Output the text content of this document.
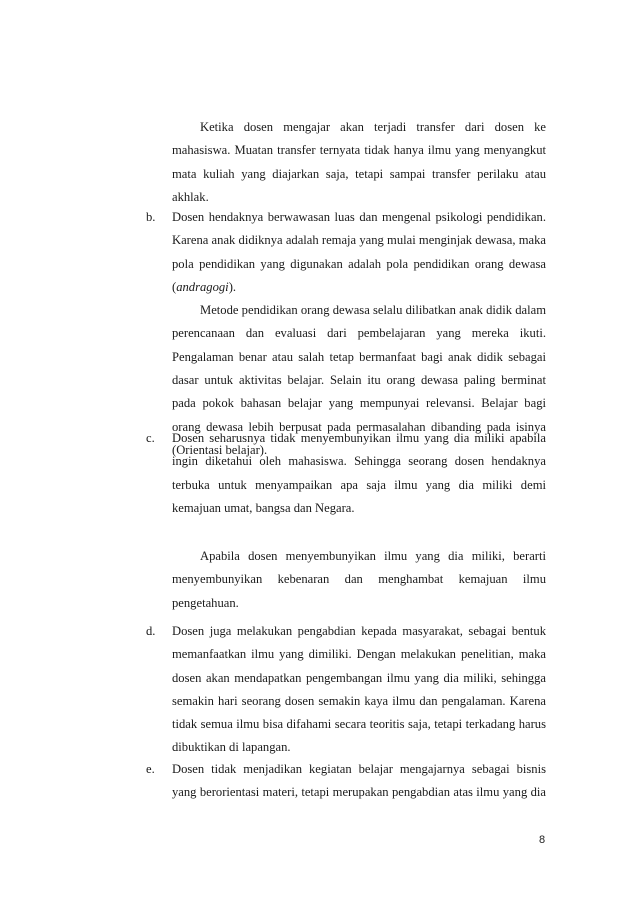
Ketika dosen mengajar akan terjadi transfer dari dosen ke
mahasiswa. Muatan transfer ternyata tidak hanya ilmu yang menyangkut
mata kuliah yang diajarkan saja, tetapi sampai transfer perilaku atau
akhlak.
b. Dosen hendaknya berwawasan luas dan mengenal psikologi pendidikan.
Karena anak didiknya adalah remaja yang mulai menginjak dewasa, maka
pola pendidikan yang digunakan adalah pola pendidikan orang dewasa
(andragogi).
Metode pendidikan orang dewasa selalu dilibatkan anak didik dalam
perencanaan dan evaluasi dari pembelajaran yang mereka ikuti.
Pengalaman benar atau salah tetap bermanfaat bagi anak didik sebagai
dasar untuk aktivitas belajar. Selain itu orang dewasa paling berminat
pada pokok bahasan belajar yang mempunyai relevansi. Belajar bagi
orang dewasa lebih berpusat pada permasalahan dibanding pada isinya
(Orientasi belajar).
c. Dosen seharusnya tidak menyembunyikan ilmu yang dia miliki apabila
ingin diketahui oleh mahasiswa. Sehingga seorang dosen hendaknya
terbuka untuk menyampaikan apa saja ilmu yang dia miliki demi
kemajuan umat, bangsa dan Negara.
Apabila dosen menyembunyikan ilmu yang dia miliki, berarti
menyembunyikan kebenaran dan menghambat kemajuan ilmu
pengetahuan.
d. Dosen juga melakukan pengabdian kepada masyarakat, sebagai bentuk
memanfaatkan ilmu yang dimiliki. Dengan melakukan penelitian, maka
dosen akan mendapatkan pengembangan ilmu yang dia miliki, sehingga
semakin hari seorang dosen semakin kaya ilmu dan pengalaman. Karena
tidak semua ilmu bisa difahami secara teoritis saja, tetapi terkadang harus
dibuktikan di lapangan.
e. Dosen tidak menjadikan kegiatan belajar mengajarnya sebagai bisnis
yang berorientasi materi, tetapi merupakan pengabdian atas ilmu yang dia
8
